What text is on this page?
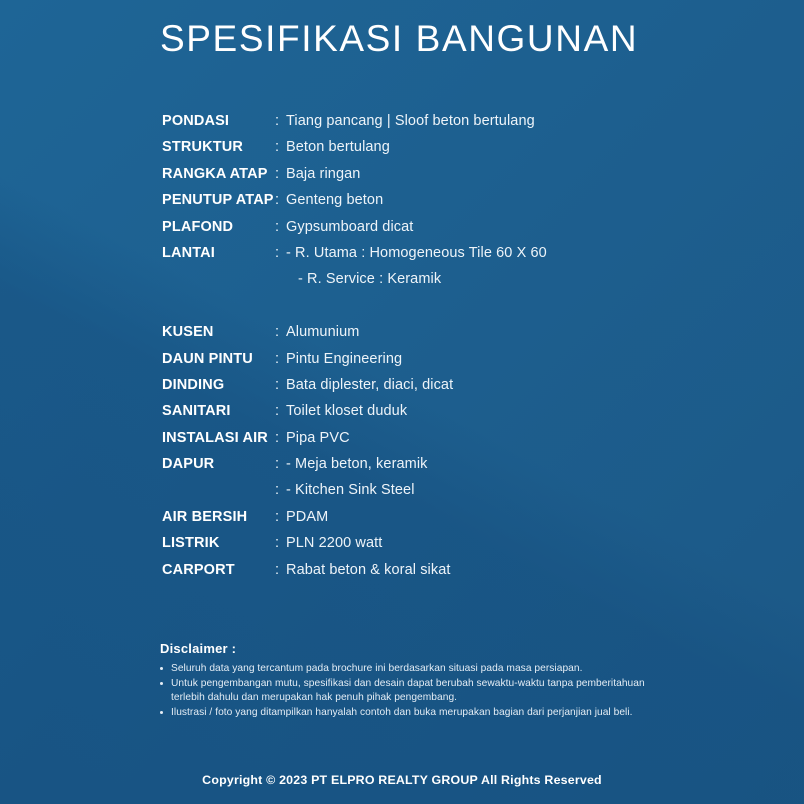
SPESIFIKASI BANGUNAN
PONDASI	: Tiang pancang | Sloof beton bertulang
STRUKTUR	: Beton bertulang
RANGKA ATAP : Baja ringan
PENUTUP ATAP : Genteng beton
PLAFOND	: Gypsumboard dicat
LANTAI	: - R. Utama : Homogeneous Tile 60 X 60
- R. Service : Keramik
KUSEN	: Alumunium
DAUN PINTU	: Pintu Engineering
DINDING	: Bata diplester, diaci, dicat
SANITARI	: Toilet kloset duduk
INSTALASI AIR : Pipa PVC
DAPUR	: - Meja beton, keramik
: - Kitchen Sink Steel
AIR BERSIH	: PDAM
LISTRIK	: PLN 2200 watt
CARPORT	: Rabat beton & koral sikat
Disclaimer :
Seluruh data yang tercantum pada brochure ini berdasarkan situasi pada masa persiapan.
Untuk pengembangan mutu, spesifikasi dan desain dapat berubah sewaktu-waktu tanpa pemberitahuan terlebih dahulu dan merupakan hak penuh pihak pengembang.
Ilustrasi / foto yang ditampilkan hanyalah contoh dan buka merupakan bagian dari perjanjian jual beli.
Copyright © 2023 PT ELPRO REALTY GROUP All Rights Reserved
